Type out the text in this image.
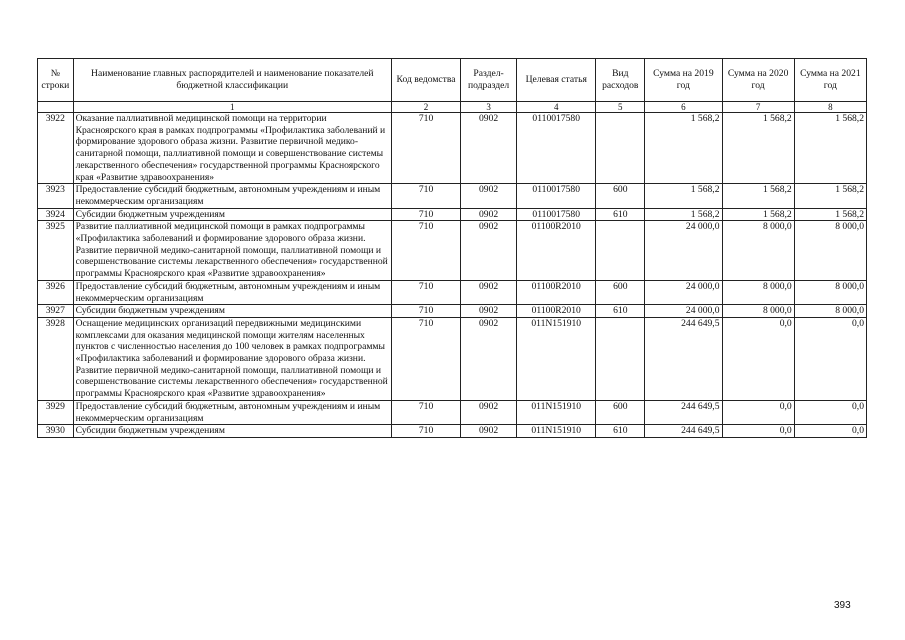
№ строки	Наименование главных распорядителей и наименование показателей бюджетной классификации	Код ведомства	Раздел-подраздел	Целевая статья	Вид расходов	Сумма на 2019 год	Сумма на 2020 год	Сумма на 2021 год
	1	2	3	4	5	6	7	8
3922	Оказание паллиативной медицинской помощи на территории Красноярского края в рамках подпрограммы «Профилактика заболеваний и формирование здорового образа жизни. Развитие первичной медико-санитарной помощи, паллиативной помощи и совершенствование системы лекарственного обеспечения» государственной программы Красноярского края «Развитие здравоохранения»	710	0902	0110017580		1 568,2	1 568,2	1 568,2
3923	Предоставление субсидий бюджетным, автономным учреждениям и иным некоммерческим организациям	710	0902	0110017580	600	1 568,2	1 568,2	1 568,2
3924	Субсидии бюджетным учреждениям	710	0902	0110017580	610	1 568,2	1 568,2	1 568,2
3925	Развитие паллиативной медицинской помощи в рамках подпрограммы «Профилактика заболеваний и формирование здорового образа жизни. Развитие первичной медико-санитарной помощи, паллиативной помощи и совершенствование системы лекарственного обеспечения» государственной программы Красноярского края «Развитие здравоохранения»	710	0902	01100R2010		24 000,0	8 000,0	8 000,0
3926	Предоставление субсидий бюджетным, автономным учреждениям и иным некоммерческим организациям	710	0902	01100R2010	600	24 000,0	8 000,0	8 000,0
3927	Субсидии бюджетным учреждениям	710	0902	01100R2010	610	24 000,0	8 000,0	8 000,0
3928	Оснащение медицинских организаций передвижными медицинскими комплексами для оказания медицинской помощи жителям населенных пунктов с численностью населения до 100 человек в рамках подпрограммы «Профилактика заболеваний и формирование здорового образа жизни. Развитие первичной медико-санитарной помощи, паллиативной помощи и совершенствование системы лекарственного обеспечения» государственной программы Красноярского края «Развитие здравоохранения»	710	0902	011N151910		244 649,5	0,0	0,0
3929	Предоставление субсидий бюджетным, автономным учреждениям и иным некоммерческим организациям	710	0902	011N151910	600	244 649,5	0,0	0,0
3930	Субсидии бюджетным учреждениям	710	0902	011N151910	610	244 649,5	0,0	0,0
393
